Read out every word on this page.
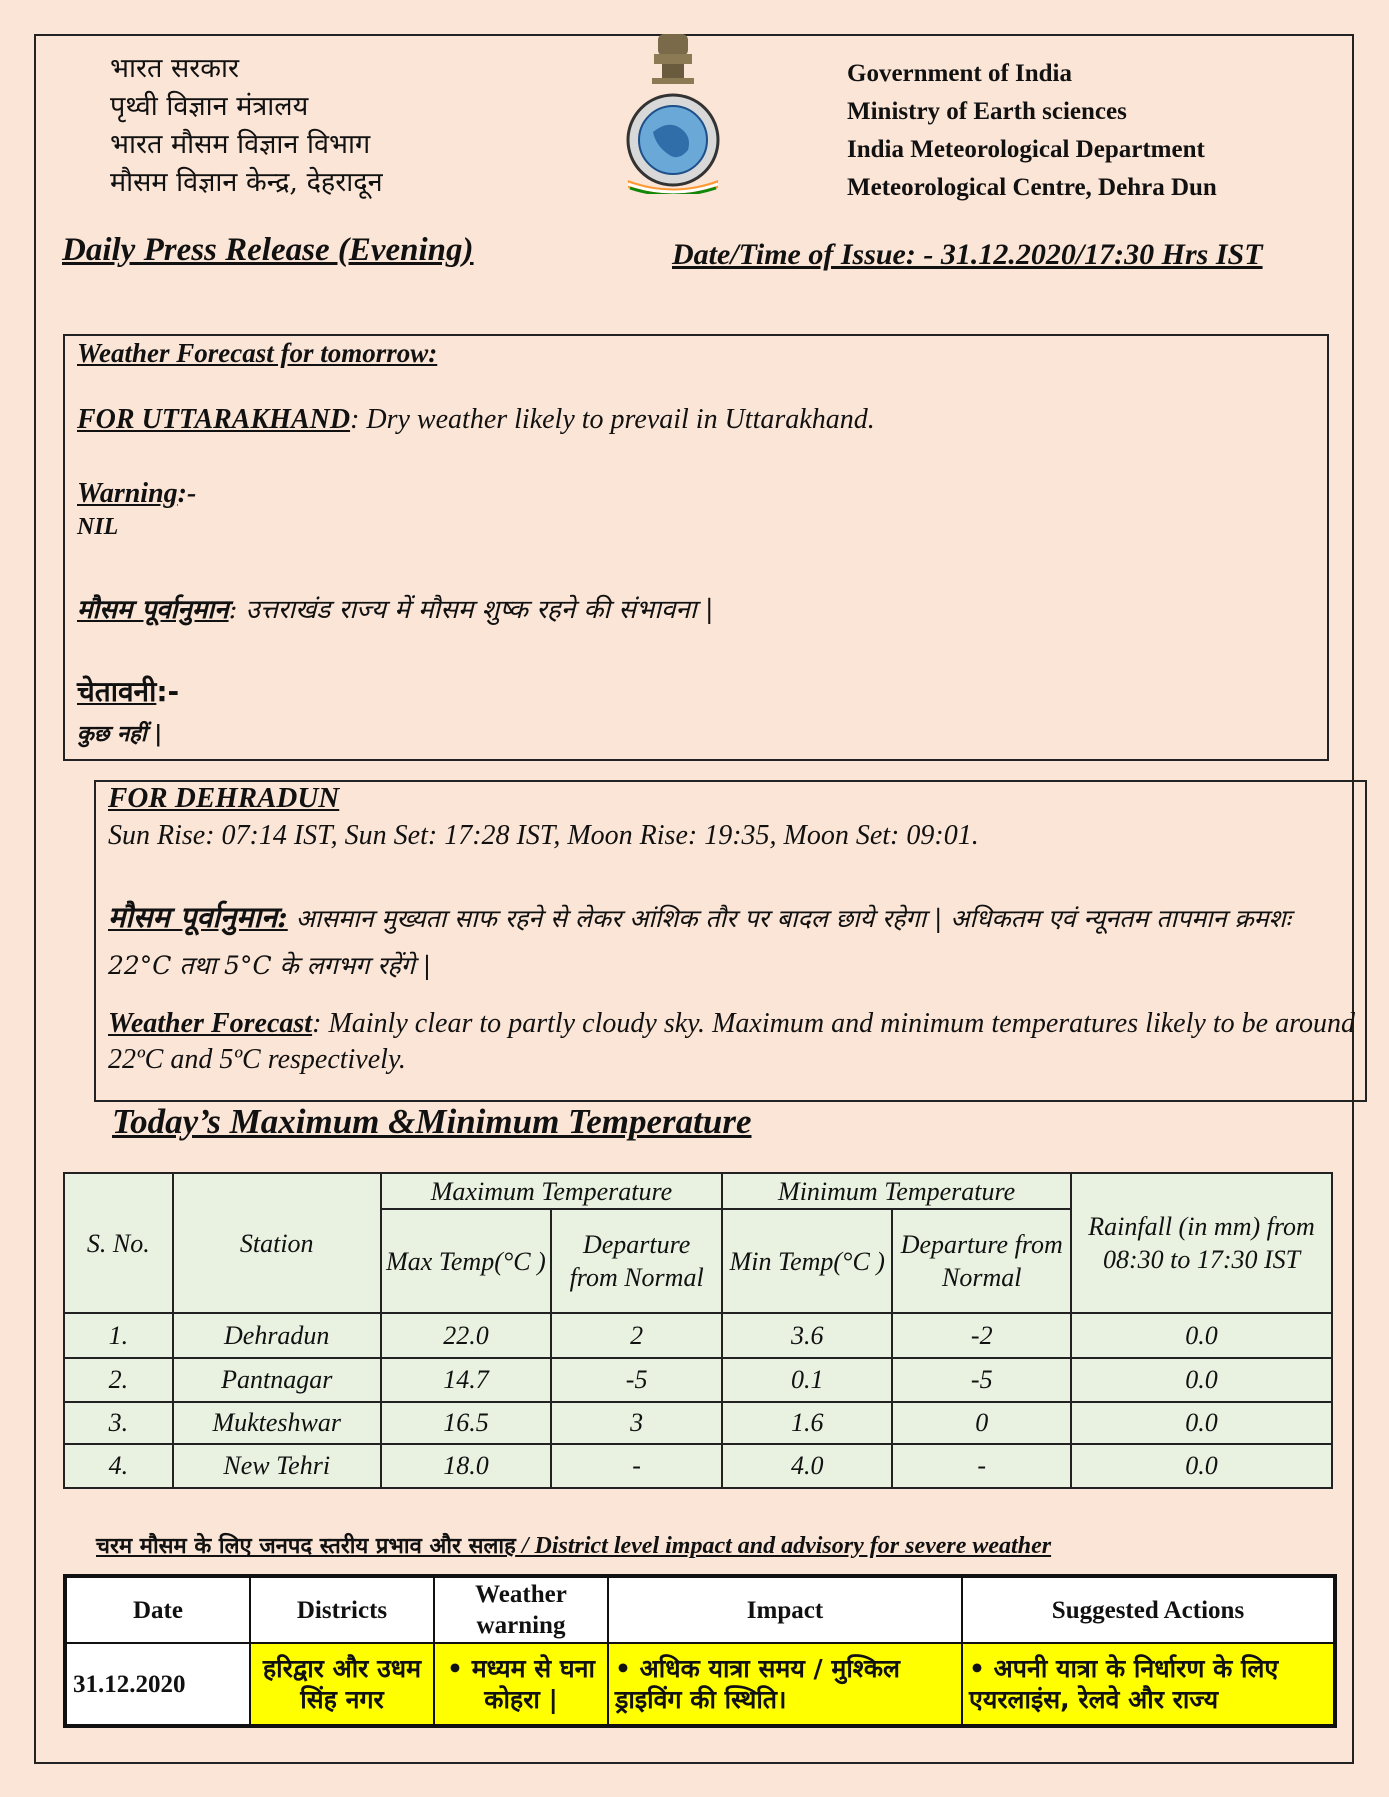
भारत सरकार
पृथ्वी विज्ञान मंत्रालय
भारत मौसम विज्ञान विभाग
मौसम विज्ञान केन्द्र, देहरादून
Government of India
Ministry of Earth sciences
India Meteorological Department
Meteorological Centre, Dehra Dun
Daily Press Release (Evening)	Date/Time of Issue: - 31.12.2020/17:30 Hrs IST
Weather Forecast for tomorrow:
FOR UTTARAKHAND: Dry weather likely to prevail in Uttarakhand.
Warning:-
NIL
मौसम पूर्वानुमान: उत्तराखंड राज्य में मौसम शुष्क रहने की संभावना |
चेतावनी:-
कुछ नहीं |
FOR DEHRADUN
Sun Rise: 07:14 IST, Sun Set: 17:28 IST, Moon Rise: 19:35, Moon Set: 09:01.
मौसम पूर्वानुमान: आसमान मुख्यता साफ रहने से लेकर आंशिक तौर पर बादल छाये रहेगा | अधिकतम एवं न्यूनतम तापमान क्रमशः 22°C तथा 5°C के लगभग रहेंगे |
Weather Forecast: Mainly clear to partly cloudy sky. Maximum and minimum temperatures likely to be around 22ºC and 5ºC respectively.
Today’s Maximum &Minimum Temperature
S. No.	Station	Maximum Temperature		Minimum Temperature		Rainfall (in mm) from 08:30 to 17:30 IST
		Max Temp(°C )	Departure from Normal	Min Temp(°C )	Departure from Normal	
1.	Dehradun	22.0	2	3.6	-2	0.0
2.	Pantnagar	14.7	-5	0.1	-5	0.0
3.	Mukteshwar	16.5	3	1.6	0	0.0
4.	New Tehri	18.0	-	4.0	-	0.0
चरम मौसम के लिए जनपद स्तरीय प्रभाव और सलाह / District level impact and advisory for severe weather
Date	Districts	Weather warning	Impact	Suggested Actions
31.12.2020	हरिद्वार और उधम सिंह नगर	• मध्यम से घना कोहरा |	• अधिक यात्रा समय / मुश्किल ड्राइविंग की स्थिति।	• अपनी यात्रा के निर्धारण के लिए एयरलाइंस, रेलवे और राज्य
